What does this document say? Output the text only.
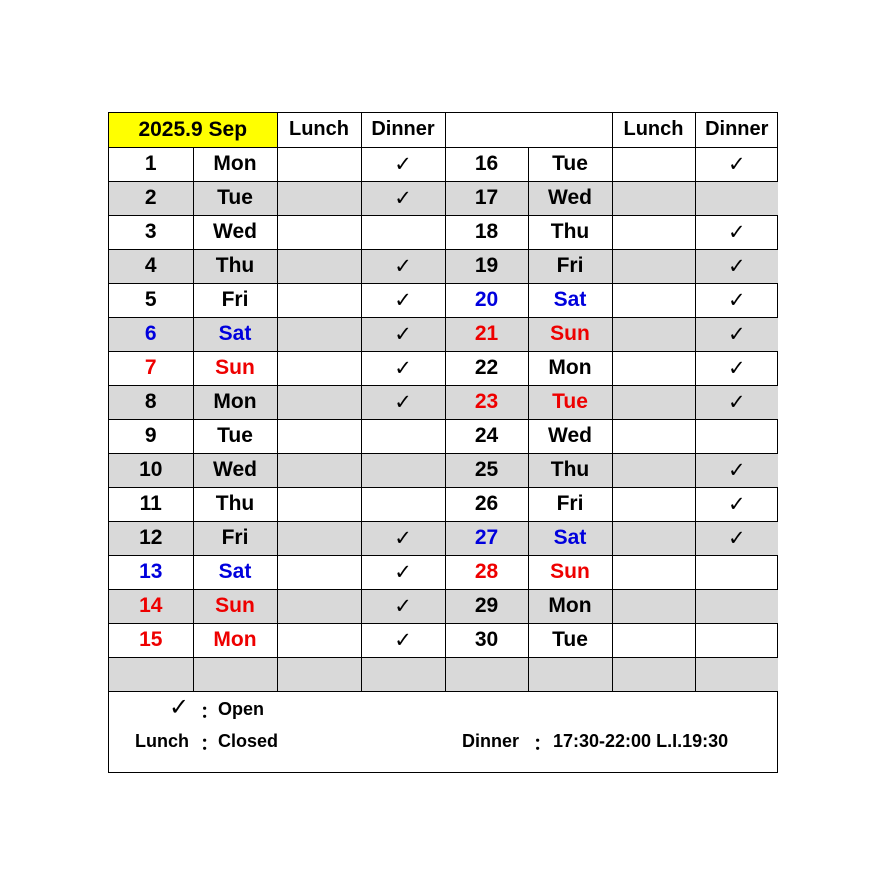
2025.9 Sep		Lunch	Dinner			Lunch	Dinner
1	Mon		✓	16	Tue		✓
2	Tue		✓	17	Wed		
3	Wed			18	Thu		✓
4	Thu		✓	19	Fri		✓
5	Fri		✓	20	Sat		✓
6	Sat		✓	21	Sun		✓
7	Sun		✓	22	Mon		✓
8	Mon		✓	23	Tue		✓
9	Tue			24	Wed		
10	Wed			25	Thu		✓
11	Thu			26	Fri		✓
12	Fri		✓	27	Sat		✓
13	Sat		✓	28	Sun		
14	Sun		✓	29	Mon		
15	Mon		✓	30	Tue		

✓ ：
Open
Lunch ：
Closed	Dinner ： 17:30-22:00 L.I.19:30
